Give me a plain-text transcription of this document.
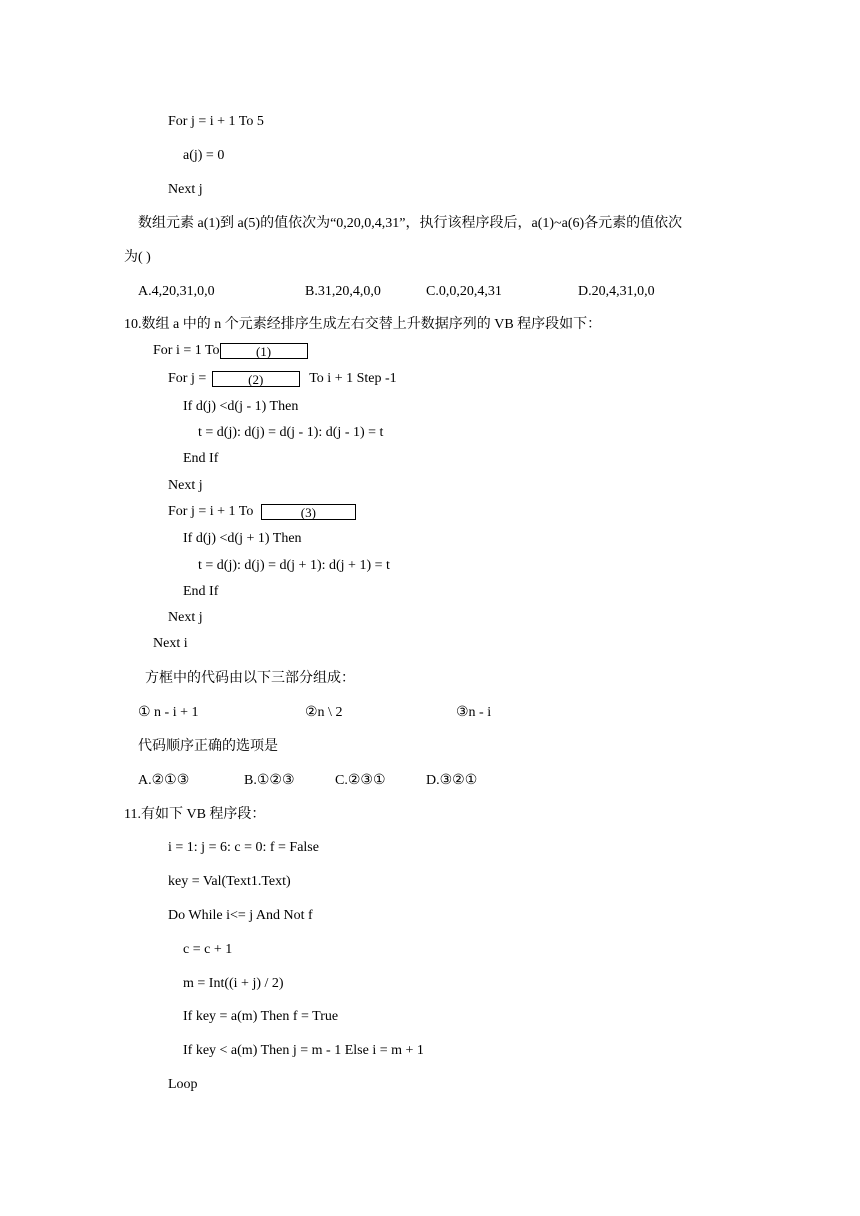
For j = i + 1 To 5
a(j) = 0
Next j
数组元素 a(1)到 a(5)的值依次为“0,20,0,4,31”，执行该程序段后，a(1)~a(6)各元素的值依次
为( )
A.4,20,31,0,0	B.31,20,4,0,0	C.0,0,20,4,31	D.20,4,31,0,0
10.数组 a 中的 n 个元素经排序生成左右交替上升数据序列的 VB 程序段如下：
For i = 1 To	(1)
For j =	(2)	To i + 1 Step -1
If d(j) <d(j - 1) Then
t = d(j): d(j) = d(j - 1): d(j - 1) = t
End If
Next j
For j = i + 1 To	(3)
If d(j) <d(j + 1) Then
t = d(j): d(j) = d(j + 1): d(j + 1) = t
End If
Next j
Next i
方框中的代码由以下三部分组成：
① n - i + 1	②n \ 2	③n - i
代码顺序正确的选项是
A.②①③	B.①②③	C.②③①	D.③②①
11.有如下 VB 程序段：
i = 1: j = 6: c = 0: f = False
key = Val(Text1.Text)
Do While i<= j And Not f
c = c + 1
m = Int((i + j) / 2)
If key = a(m) Then f = True
If key < a(m) Then j = m - 1 Else i = m + 1
Loop
